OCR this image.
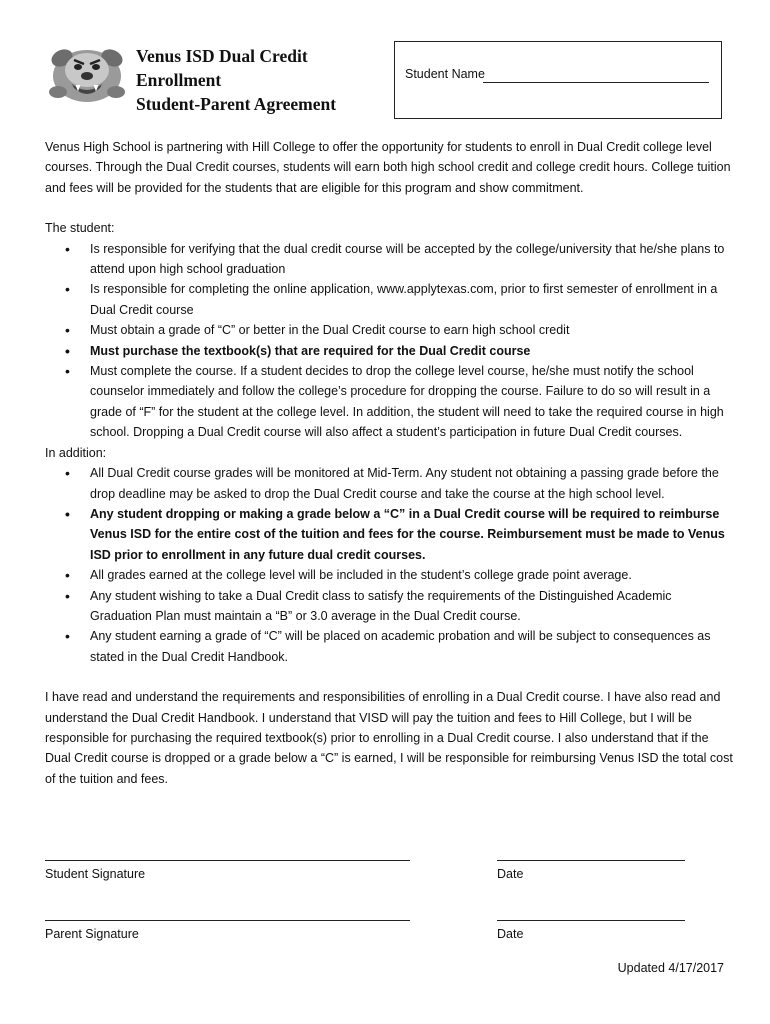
Venus ISD Dual Credit
Enrollment
Student-Parent Agreement
Student Name

Venus High School is partnering with Hill College to offer the opportunity for students to enroll in Dual Credit college level courses. Through the Dual Credit courses, students will earn both high school credit and college credit hours. College tuition and fees will be provided for the students that are eligible for this program and show commitment.

The student:

• Is responsible for verifying that the dual credit course will be accepted by the college/university that he/she plans to attend upon high school graduation
• Is responsible for completing the online application, www.applytexas.com, prior to first semester of enrollment in a Dual Credit course
• Must obtain a grade of “C” or better in the Dual Credit course to earn high school credit
• Must purchase the textbook(s) that are required for the Dual Credit course
• Must complete the course. If a student decides to drop the college level course, he/she must notify the school counselor immediately and follow the college’s procedure for dropping the course. Failure to do so will result in a grade of “F” for the student at the college level. In addition, the student will need to take the required course in high school. Dropping a Dual Credit course will also affect a student’s participation in future Dual Credit courses.

In addition:

• All Dual Credit course grades will be monitored at Mid-Term. Any student not obtaining a passing grade before the drop deadline may be asked to drop the Dual Credit course and take the course at the high school level.
• Any student dropping or making a grade below a “C” in a Dual Credit course will be required to reimburse Venus ISD for the entire cost of the tuition and fees for the course. Reimbursement must be made to Venus ISD prior to enrollment in any future dual credit courses.
• All grades earned at the college level will be included in the student’s college grade point average.
• Any student wishing to take a Dual Credit class to satisfy the requirements of the Distinguished Academic Graduation Plan must maintain a “B” or 3.0 average in the Dual Credit course.
• Any student earning a grade of “C” will be placed on academic probation and will be subject to consequences as stated in the Dual Credit Handbook.

I have read and understand the requirements and responsibilities of enrolling in a Dual Credit course. I have also read and understand the Dual Credit Handbook. I understand that VISD will pay the tuition and fees to Hill College, but I will be responsible for purchasing the required textbook(s) prior to enrolling in a Dual Credit course. I also understand that if the Dual Credit course is dropped or a grade below a “C” is earned, I will be responsible for reimbursing Venus ISD the total cost of the tuition and fees.

Student Signature	Date
Parent Signature	Date
Updated 4/17/2017
